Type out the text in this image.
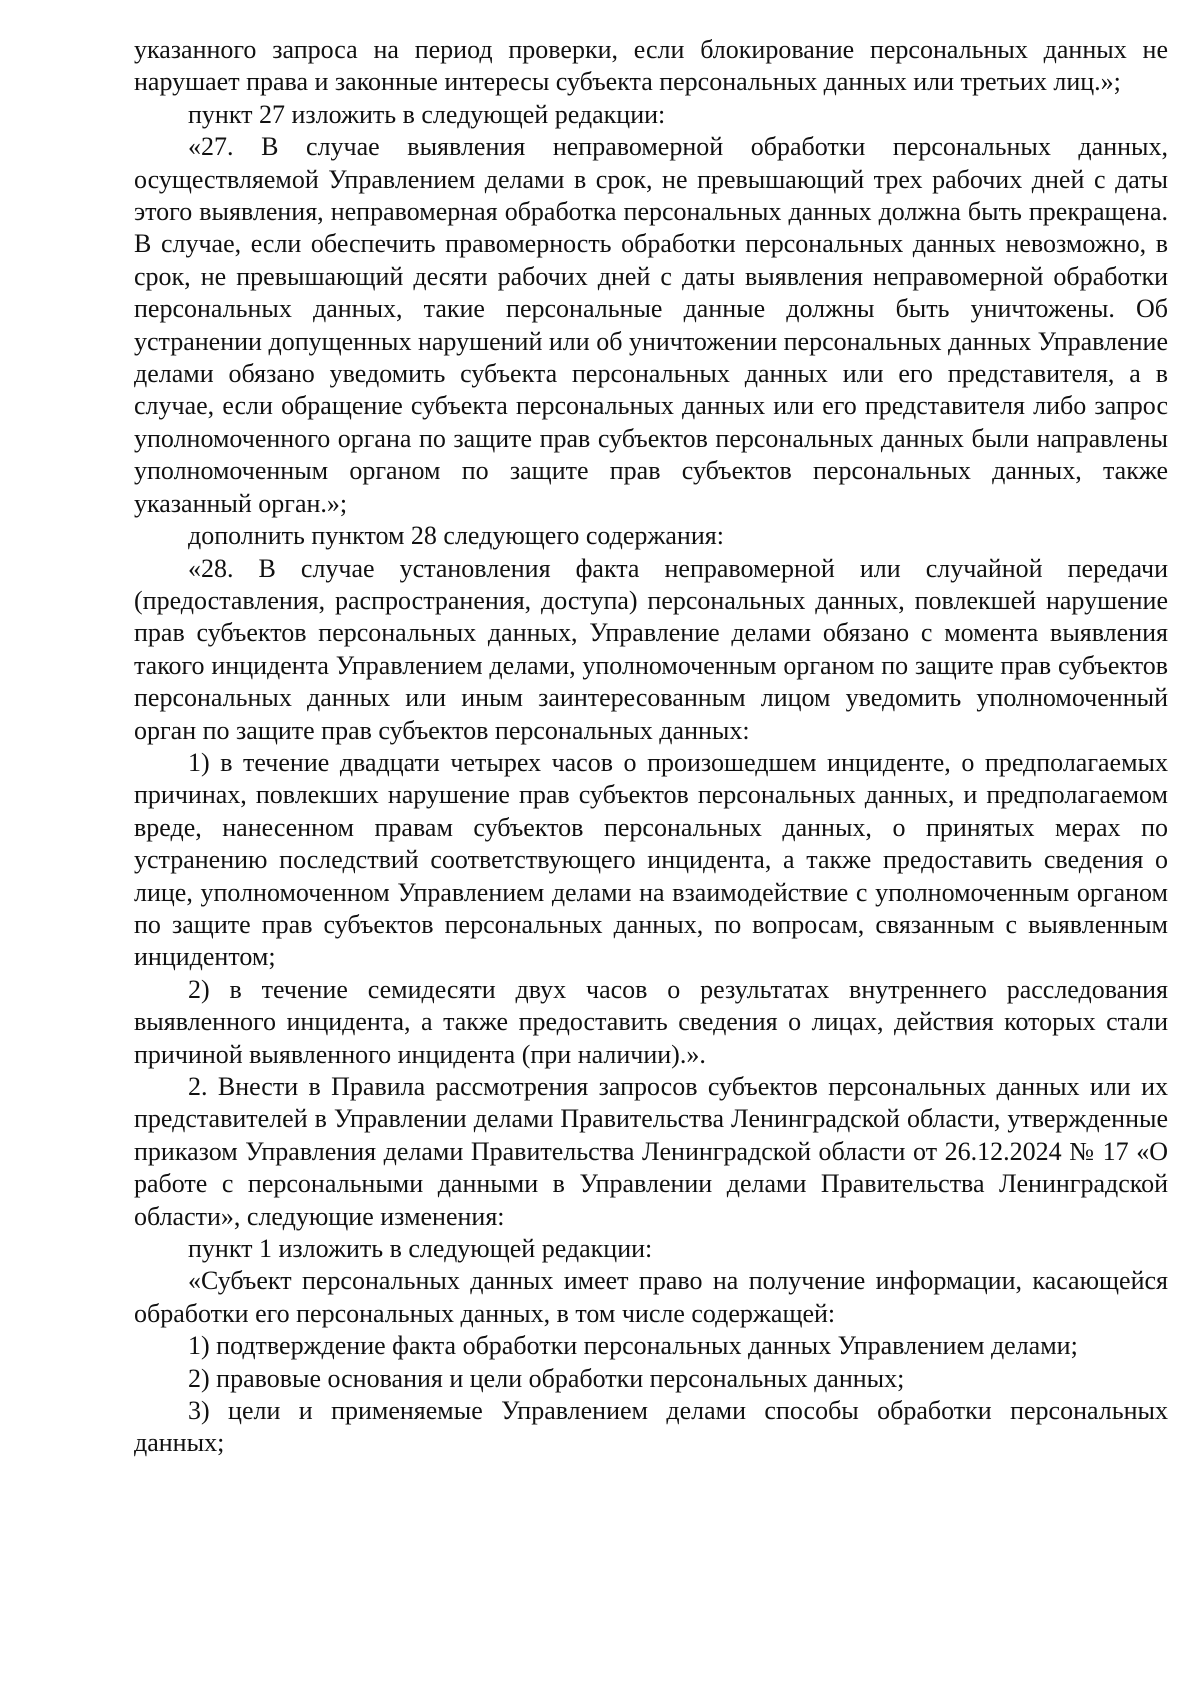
указанного запроса на период проверки, если блокирование персональных данных не нарушает права и законные интересы субъекта персональных данных или третьих лиц.»;

пункт 27 изложить в следующей редакции:

«27. В случае выявления неправомерной обработки персональных данных, осуществляемой Управлением делами в срок, не превышающий трех рабочих дней с даты этого выявления, неправомерная обработка персональных данных должна быть прекращена. В случае, если обеспечить правомерность обработки персональных данных невозможно, в срок, не превышающий десяти рабочих дней с даты выявления неправомерной обработки персональных данных, такие персональные данные должны быть уничтожены. Об устранении допущенных нарушений или об уничтожении персональных данных Управление делами обязано уведомить субъекта персональных данных или его представителя, а в случае, если обращение субъекта персональных данных или его представителя либо запрос уполномоченного органа по защите прав субъектов персональных данных были направлены уполномоченным органом по защите прав субъектов персональных данных, также указанный орган.»;

дополнить пунктом 28 следующего содержания:

«28. В случае установления факта неправомерной или случайной передачи (предоставления, распространения, доступа) персональных данных, повлекшей нарушение прав субъектов персональных данных, Управление делами обязано с момента выявления такого инцидента Управлением делами, уполномоченным органом по защите прав субъектов персональных данных или иным заинтересованным лицом уведомить уполномоченный орган по защите прав субъектов персональных данных:

1) в течение двадцати четырех часов о произошедшем инциденте, о предполагаемых причинах, повлекших нарушение прав субъектов персональных данных, и предполагаемом вреде, нанесенном правам субъектов персональных данных, о принятых мерах по устранению последствий соответствующего инцидента, а также предоставить сведения о лице, уполномоченном Управлением делами на взаимодействие с уполномоченным органом по защите прав субъектов персональных данных, по вопросам, связанным с выявленным инцидентом;

2) в течение семидесяти двух часов о результатах внутреннего расследования выявленного инцидента, а также предоставить сведения о лицах, действия которых стали причиной выявленного инцидента (при наличии).».

2. Внести в Правила рассмотрения запросов субъектов персональных данных или их представителей в Управлении делами Правительства Ленинградской области, утвержденные приказом Управления делами Правительства Ленинградской области от 26.12.2024 № 17 «О работе с персональными данными в Управлении делами Правительства Ленинградской области», следующие изменения:

пункт 1 изложить в следующей редакции:

«Субъект персональных данных имеет право на получение информации, касающейся обработки его персональных данных, в том числе содержащей:

1) подтверждение факта обработки персональных данных Управлением делами;

2) правовые основания и цели обработки персональных данных;

3) цели и применяемые Управлением делами способы обработки персональных данных;
